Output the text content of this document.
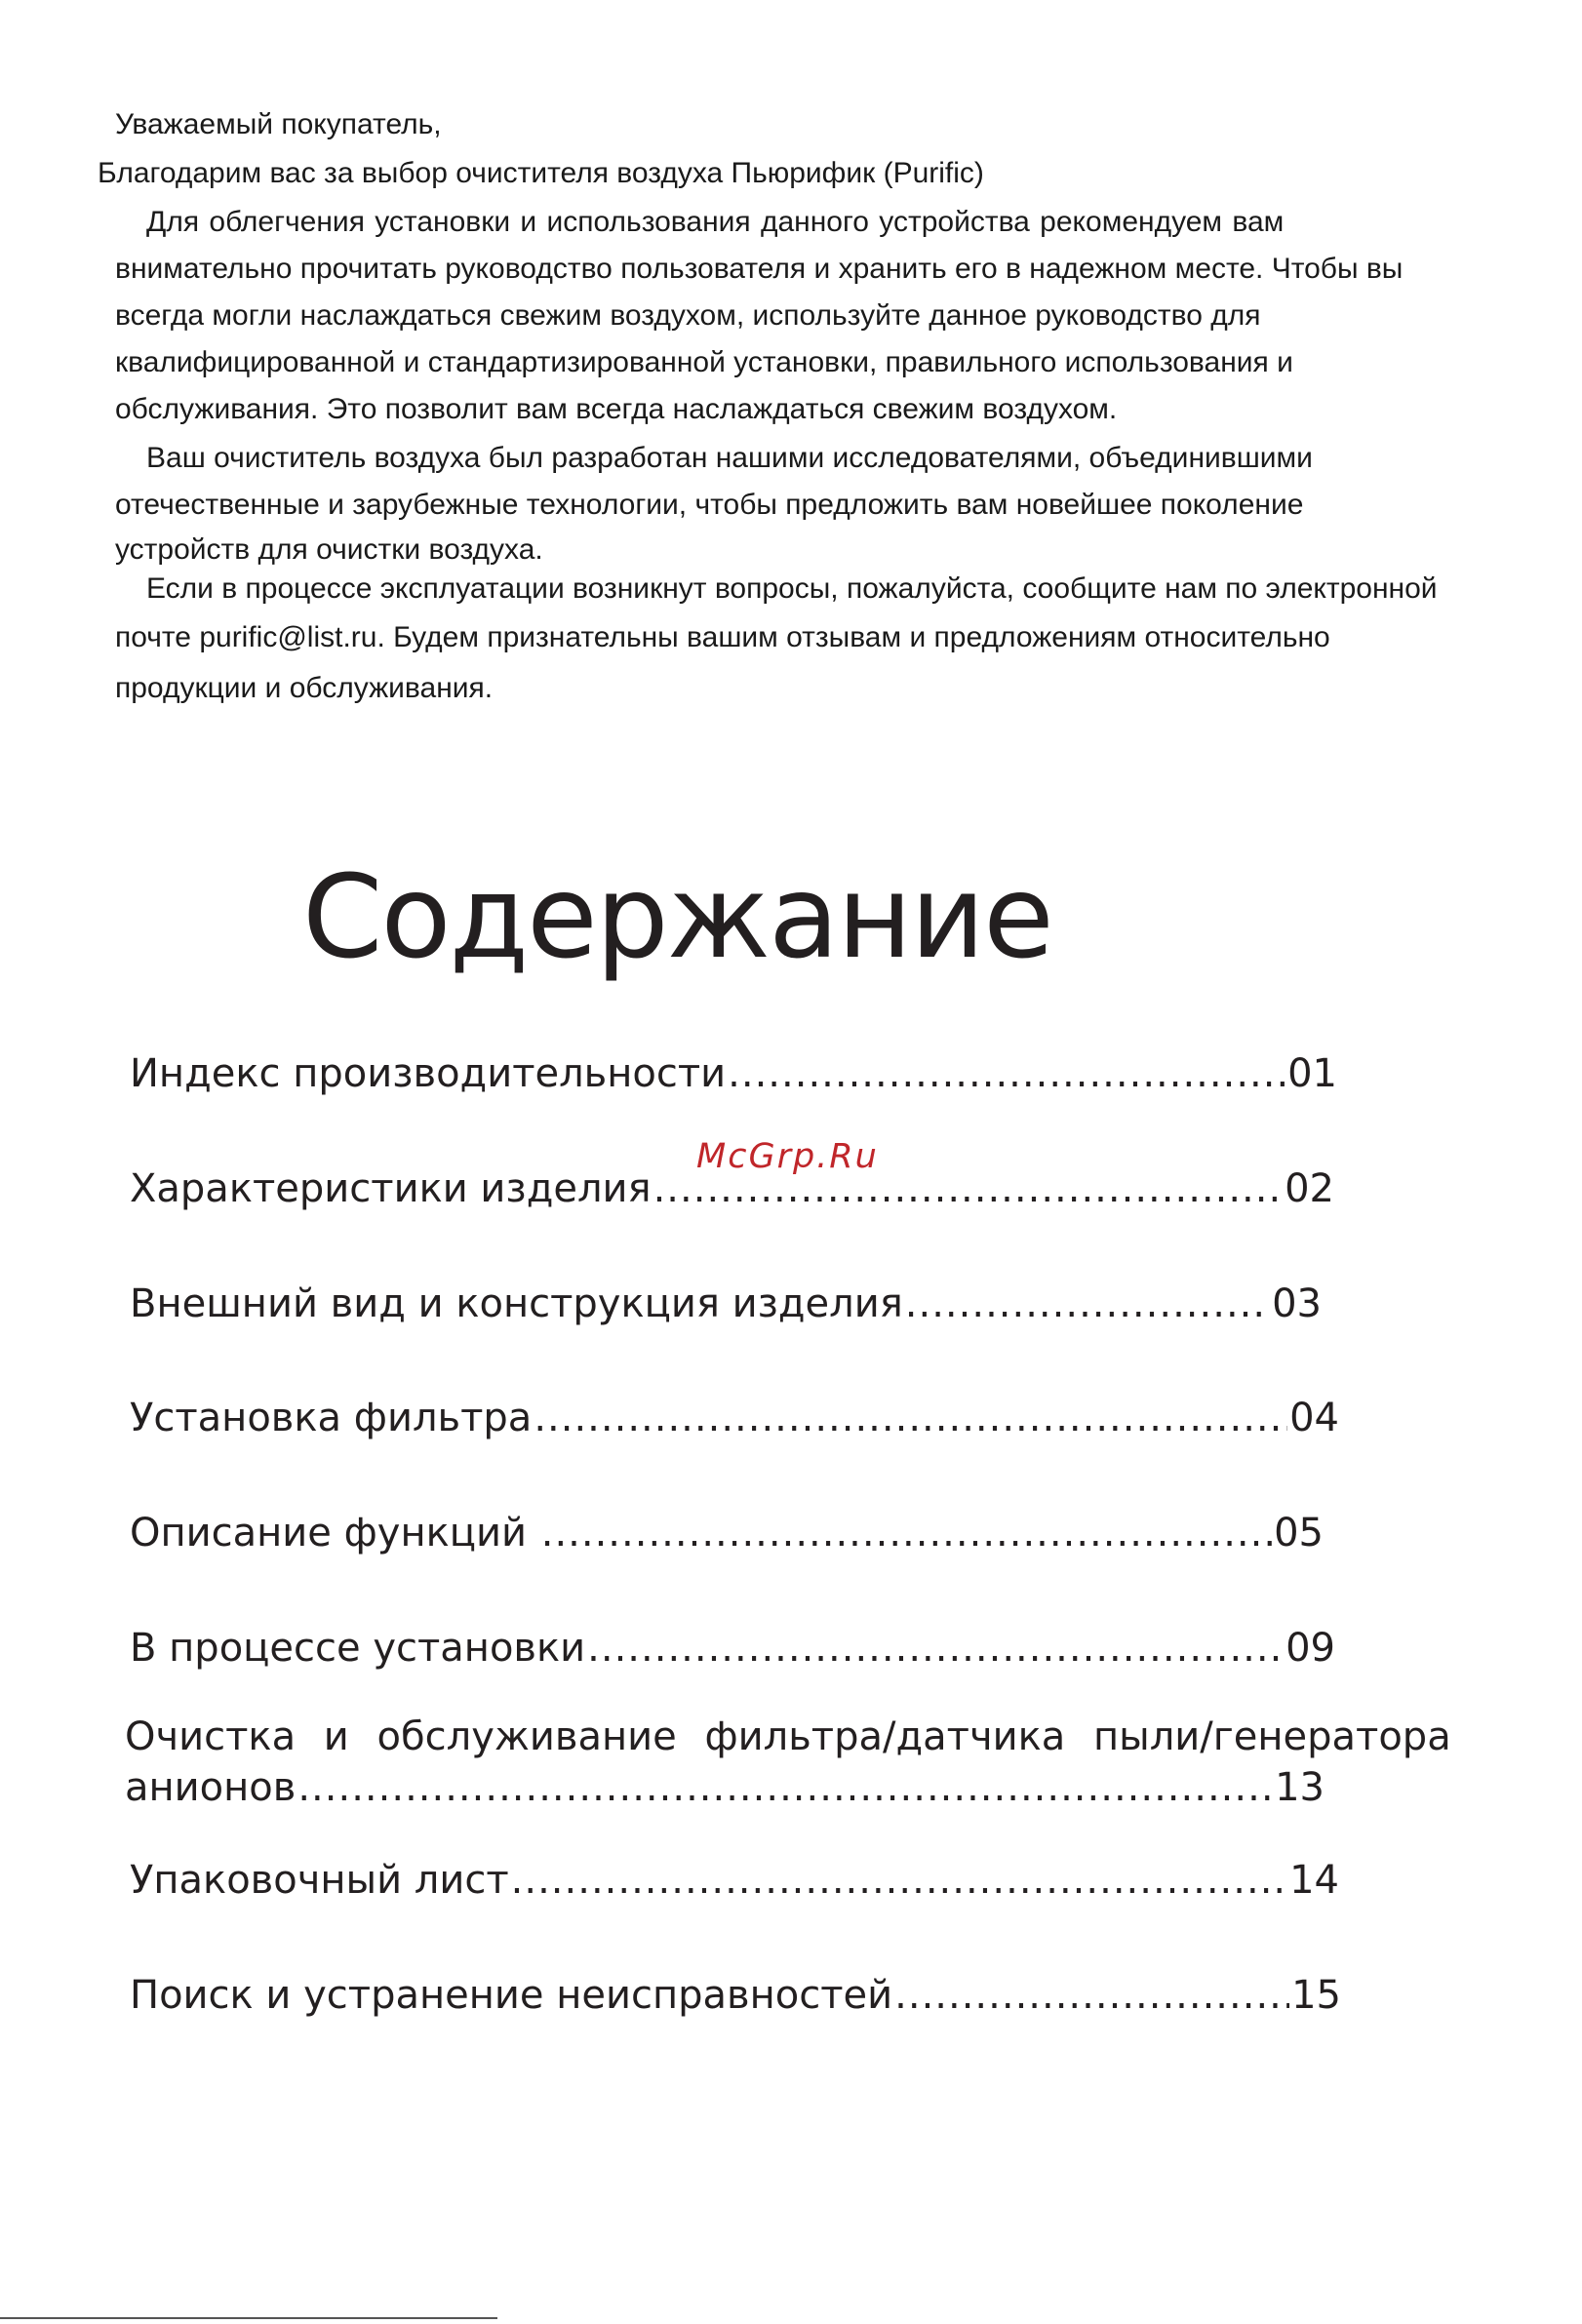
Уважаемый покупатель,

Благодарим вас за выбор очистителя воздуха Пьюрифик (Purific)

Для облегчения установки и использования данного устройства рекомендуем вам

внимательно прочитать руководство пользователя и хранить его в надежном месте. Чтобы вы

всегда могли наслаждаться свежим воздухом, используйте данное руководство для

квалифицированной и стандартизированной установки, правильного использования и

обслуживания. Это позволит вам всегда наслаждаться свежим воздухом.

Ваш очиститель воздуха был разработан нашими исследователями, объединившими

отечественные и зарубежные технологии, чтобы предложить вам новейшее поколение

устройств для очистки воздуха.

Если в процессе эксплуатации возникнут вопросы, пожалуйста, сообщите нам по электронной

почте purific@list.ru. Будем признательны вашим отзывам и предложениям относительно

продукции и обслуживания.

Содержание

McGrp.Ru

Индекс производительности .....	01
Характеристики изделия .....	02
Внешний вид и конструкция изделия .....	03
Установка фильтра .....	04
Описание функций .....	05
В процессе установки .....	09
Очистка и обслуживание фильтра/датчика пыли/генератора
анионов .....	13
Упаковочный лист .....	14
Поиск и устранение неисправностей .....	15
